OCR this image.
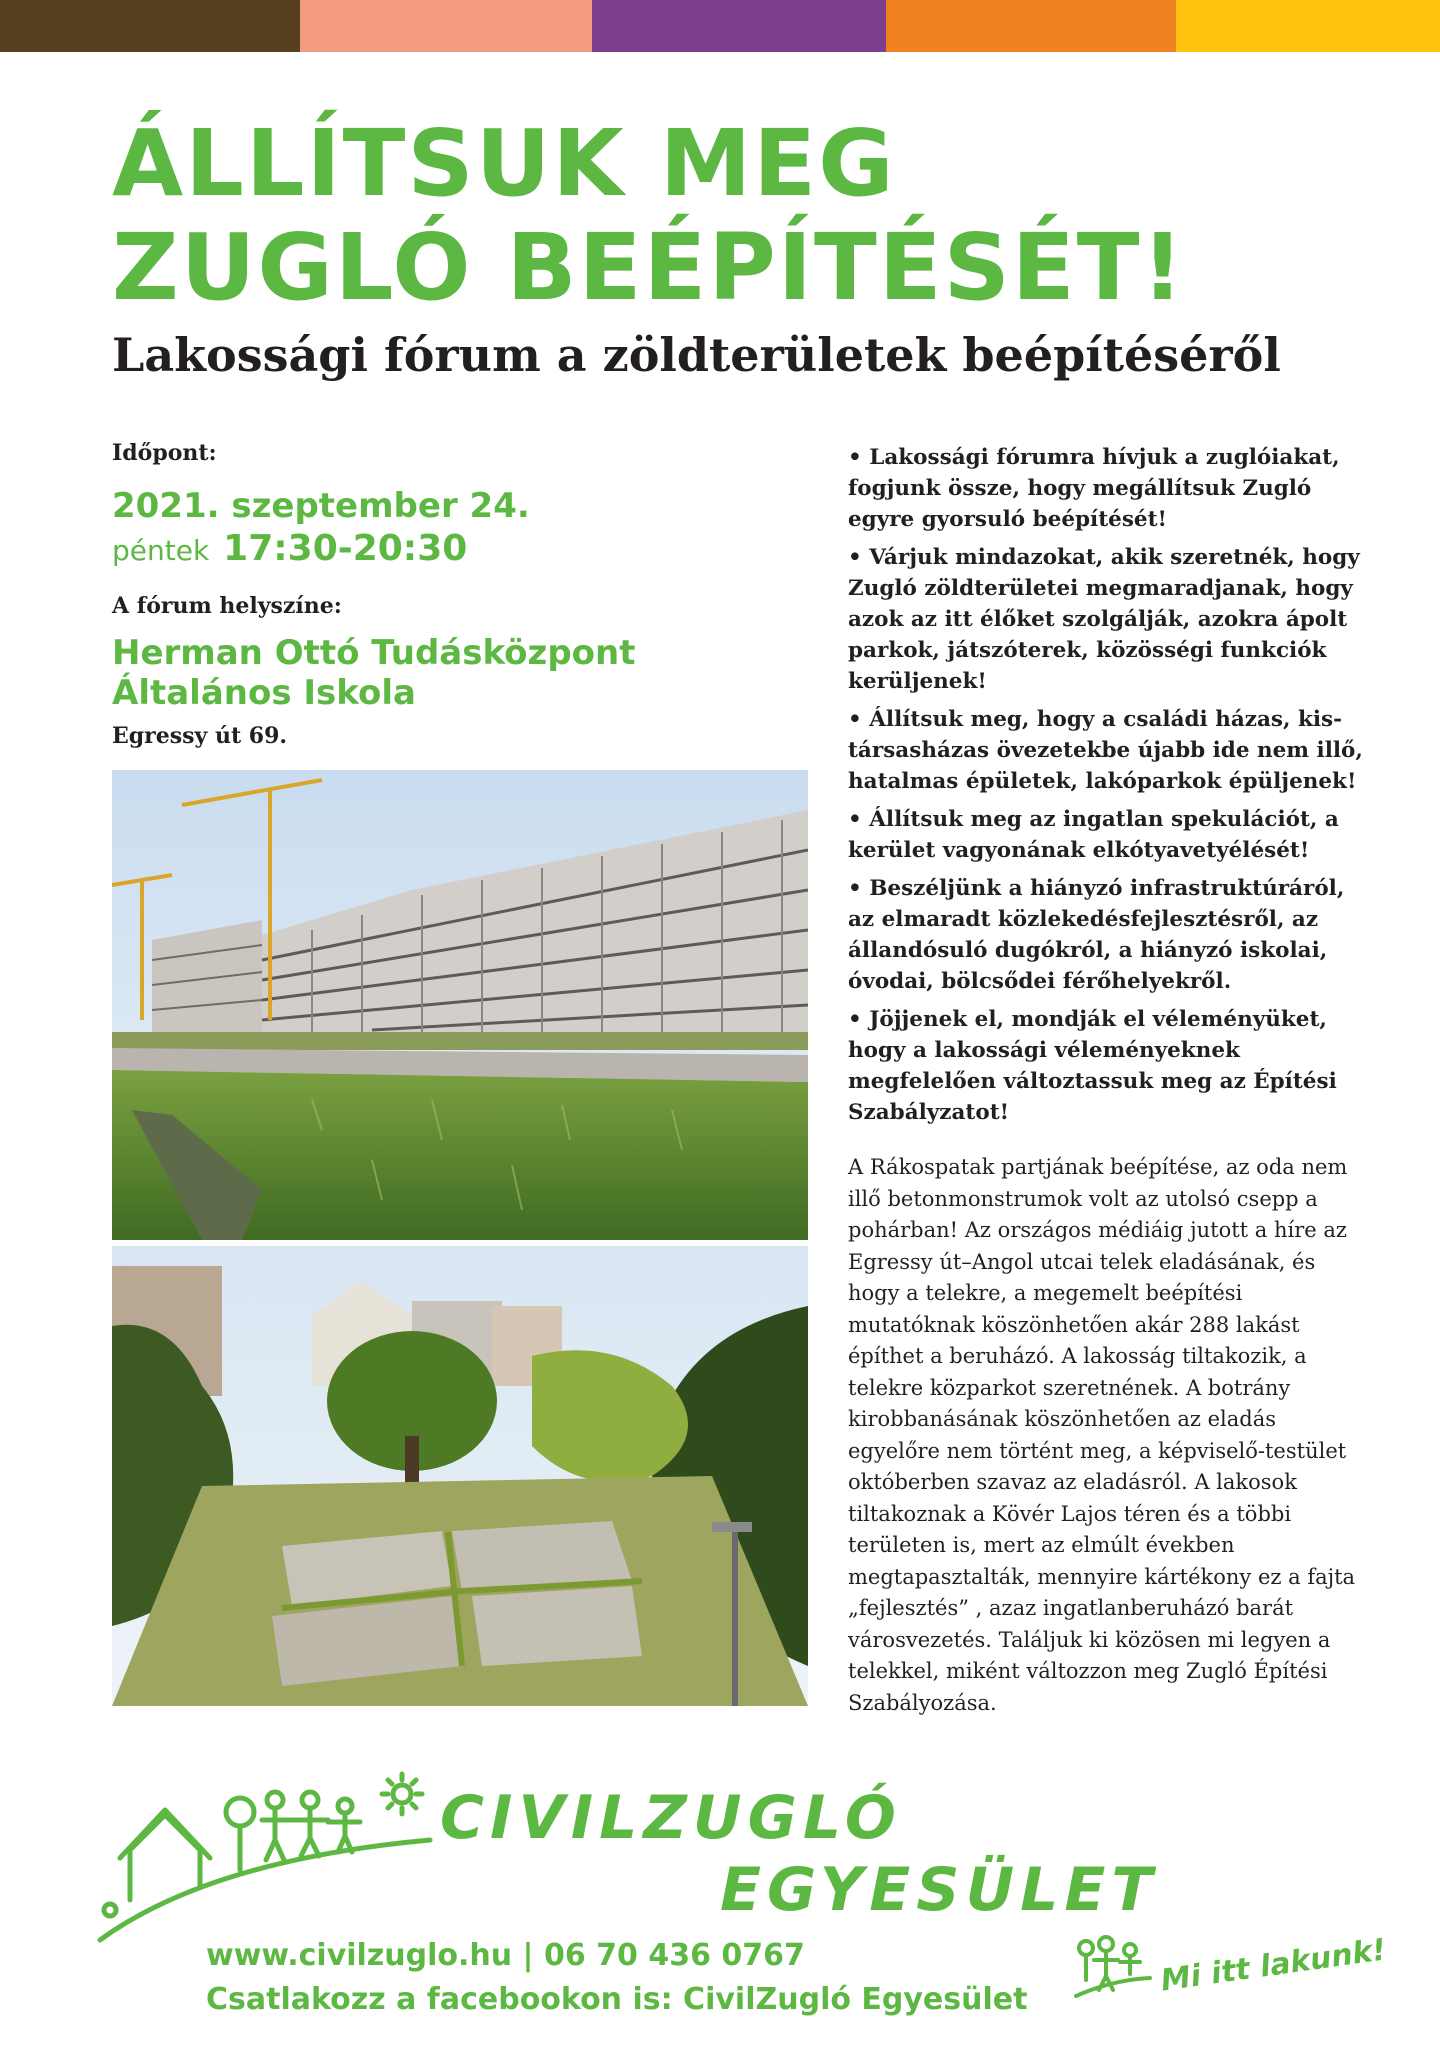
ÁLLÍTSUK MEG
ZUGLÓ BEÉPÍTÉSÉT!
Lakossági fórum a zöldterületek beépítéséről
Időpont:
2021. szeptember 24.
péntek 17:30-20:30
A fórum helyszíne:
Herman Ottó Tudásközpont
Általános Iskola
Egressy út 69.

• Lakossági fórumra hívjuk a zuglóiakat, fogjunk össze, hogy megállítsuk Zugló egyre gyorsuló beépítését!

• Várjuk mindazokat, akik szeretnék, hogy Zugló zöldterületei megmaradjanak, hogy azok az itt élőket szolgálják, azokra ápolt parkok, játszóterek, közösségi funkciók kerüljenek!

• Állítsuk meg, hogy a családi házas, kis-társasházas övezetekbe újabb ide nem illő, hatalmas épületek, lakóparkok épüljenek!

• Állítsuk meg az ingatlan spekulációt, a kerület vagyonának elkótyavetyélését!

• Beszéljünk a hiányzó infrastruktúráról, az elmaradt közlekedésfejlesztésről, az állandósuló dugókról, a hiányzó iskolai, óvodai, bölcsődei férőhelyekről.

• Jöjjenek el, mondják el véleményüket, hogy a lakossági véleményeknek megfelelően változtassuk meg az Építési Szabályzatot!

A Rákospatak partjának beépítése, az oda nem illő betonmonstrumok volt az utolsó csepp a pohárban! Az országos médiáig jutott a híre az Egressy út–Angol utcai telek eladásának, és hogy a telekre, a megemelt beépítési mutatóknak köszönhetően akár 288 lakást építhet a beruházó. A lakosság tiltakozik, a telekre közparkot szeretnének. A botrány kirobbanásának köszönhetően az eladás egyelőre nem történt meg, a képviselő-testület októberben szavaz az eladásról. A lakosok tiltakoznak a Kövér Lajos téren és a többi területen is, mert az elmúlt években megtapasztalták, mennyire kártékony ez a fajta „fejlesztés” , azaz ingatlanberuházó barát városvezetés. Találjuk ki közösen mi legyen a telekkel, miként változzon meg Zugló Építési Szabályozása.

CIVILZUGLÓ
EGYESÜLET
www.civilzuglo.hu | 06 70 436 0767
Csatlakozz a facebookon is: CivilZugló Egyesület
Mi itt lakunk!
